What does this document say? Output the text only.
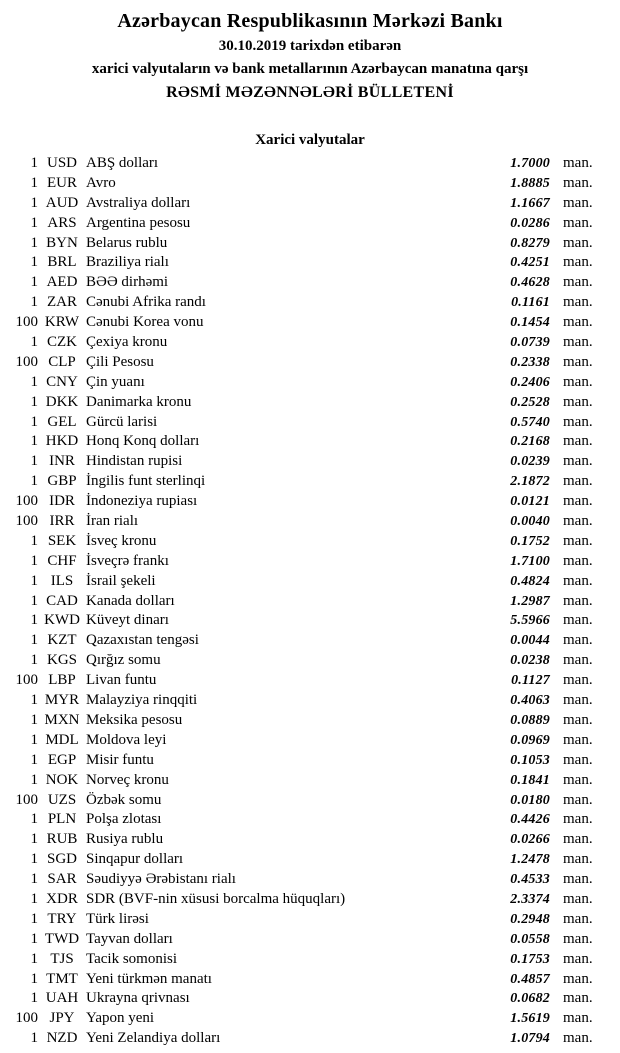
Azərbaycan Respublikasının Mərkəzi Bankı
30.10.2019 tarixdən etibarən
xarici valyutaların və bank metallarının Azərbaycan manatına qarşı
RƏSMİ MƏZƏNNƏLƏRİ BÜLLETENİ
Xarici valyutalar
1 USD ABŞ dolları	1.7000 man.
1 EUR Avro	1.8885 man.
1 AUD Avstraliya dolları	1.1667 man.
1 ARS Argentina pesosu	0.0286 man.
1 BYN Belarus rublu	0.8279 man.
1 BRL Braziliya rialı	0.4251 man.
1 AED BƏƏ dirhəmi	0.4628 man.
1 ZAR Cənubi Afrika randı	0.1161 man.
100 KRW Cənubi Korea vonu	0.1454 man.
1 CZK Çexiya kronu	0.0739 man.
100 CLP Çili Pesosu	0.2338 man.
1 CNY Çin yuanı	0.2406 man.
1 DKK Danimarka kronu	0.2528 man.
1 GEL Gürcü larisi	0.5740 man.
1 HKD Honq Konq dolları	0.2168 man.
1 INR Hindistan rupisi	0.0239 man.
1 GBP İngilis funt sterlinqi	2.1872 man.
100 IDR İndoneziya rupiası	0.0121 man.
100 IRR İran rialı	0.0040 man.
1 SEK İsveç kronu	0.1752 man.
1 CHF İsveçrə frankı	1.7100 man.
1 ILS İsrail şekeli	0.4824 man.
1 CAD Kanada dolları	1.2987 man.
1 KWD Küveyt dinarı	5.5966 man.
1 KZT Qazaxıstan tengəsi	0.0044 man.
1 KGS Qırğız somu	0.0238 man.
100 LBP Livan funtu	0.1127 man.
1 MYR Malayziya rinqqiti	0.4063 man.
1 MXN Meksika pesosu	0.0889 man.
1 MDL Moldova leyi	0.0969 man.
1 EGP Misir funtu	0.1053 man.
1 NOK Norveç kronu	0.1841 man.
100 UZS Özbək somu	0.0180 man.
1 PLN Polşa zlotası	0.4426 man.
1 RUB Rusiya rublu	0.0266 man.
1 SGD Sinqapur dolları	1.2478 man.
1 SAR Səudiyyə Ərəbistanı rialı	0.4533 man.
1 XDR SDR (BVF-nin xüsusi borcalma hüquqları)	2.3374 man.
1 TRY Türk lirəsi	0.2948 man.
1 TWD Tayvan dolları	0.0558 man.
1 TJS Tacik somonisi	0.1753 man.
1 TMT Yeni türkmən manatı	0.4857 man.
1 UAH Ukrayna qrivnası	0.0682 man.
100 JPY Yapon yeni	1.5619 man.
1 NZD Yeni Zelandiya dolları	1.0794 man.
